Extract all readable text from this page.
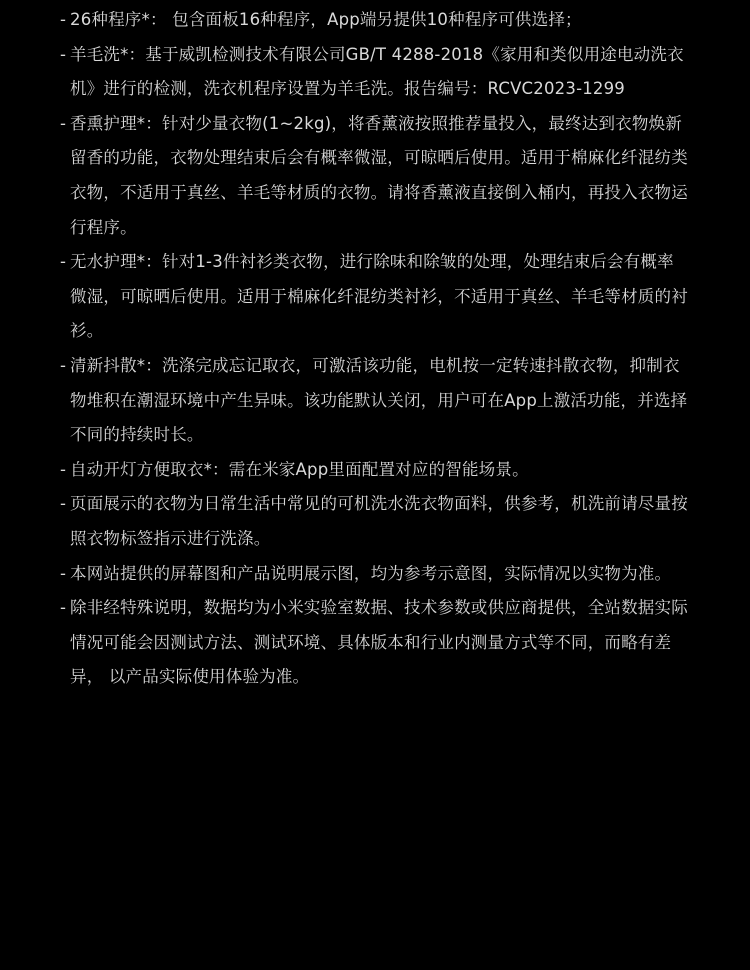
- 26种程序*： 包含面板16种程序，App端另提供10种程序可供选择；
- 羊毛洗*：基于威凯检测技术有限公司GB/T 4288-2018《家用和类似用途电动洗衣机》进行的检测，洗衣机程序设置为羊毛洗。报告编号：RCVC2023-1299
- 香熏护理*：针对少量衣物(1~2kg)，将香薰液按照推荐量投入，最终达到衣物焕新留香的功能，衣物处理结束后会有概率微湿，可晾晒后使用。适用于棉麻化纤混纺类衣物，不适用于真丝、羊毛等材质的衣物。请将香薰液直接倒入桶内，再投入衣物运行程序。
- 无水护理*：针对1-3件衬衫类衣物，进行除味和除皱的处理，处理结束后会有概率微湿，可晾晒后使用。适用于棉麻化纤混纺类衬衫，不适用于真丝、羊毛等材质的衬衫。
- 清新抖散*：洗涤完成忘记取衣，可激活该功能，电机按一定转速抖散衣物，抑制衣物堆积在潮湿环境中产生异味。该功能默认关闭，用户可在App上激活功能，并选择不同的持续时长。
- 自动开灯方便取衣*：需在米家App里面配置对应的智能场景。
- 页面展示的衣物为日常生活中常见的可机洗水洗衣物面料，供参考，机洗前请尽量按照衣物标签指示进行洗涤。
- 本网站提供的屏幕图和产品说明展示图，均为参考示意图，实际情况以实物为准。
- 除非经特殊说明，数据均为小米实验室数据、技术参数或供应商提供，全站数据实际情况可能会因测试方法、测试环境、具体版本和行业内测量方式等不同，而略有差异， 以产品实际使用体验为准。
